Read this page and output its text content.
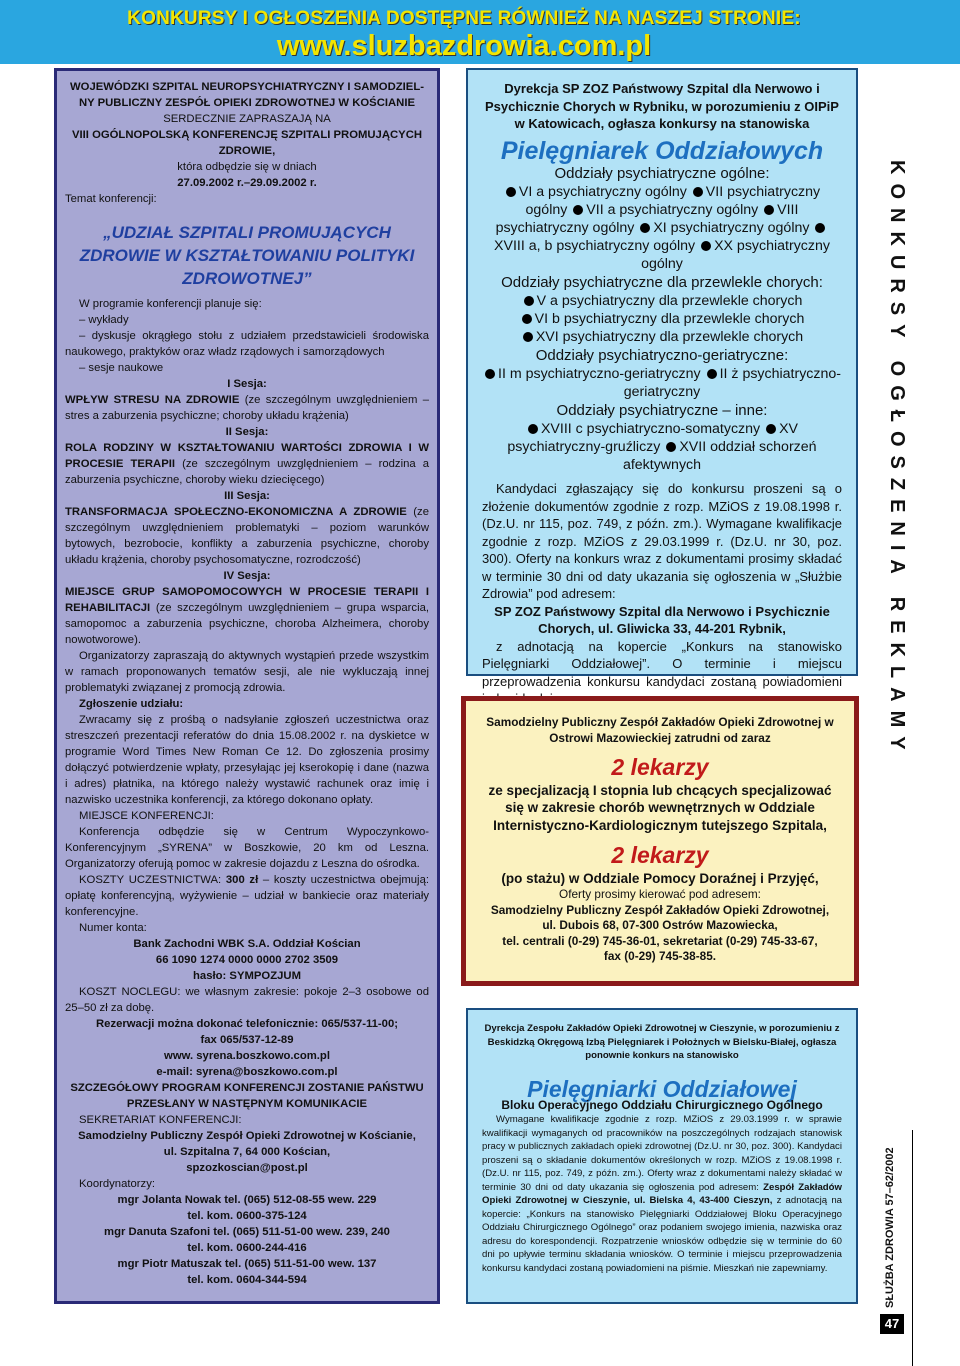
KONKURSY I OGŁOSZENIA DOSTĘPNE RÓWNIEŻ NA NASZEJ STRONIE:
www.sluzbazdrowia.com.pl
KONKURSY OGŁOSZENIA REKLAMY
SŁUŻBA ZDROWIA 57–62/2002
47

WOJEWÓDZKI SZPITAL NEUROPSYCHIATRYCZNY I SAMODZIEL-NY PUBLICZNY ZESPÓŁ OPIEKI ZDROWOTNEJ W KOŚCIANIE

SERDECZNIE ZAPRASZAJĄ NA

VIII OGÓLNOPOLSKĄ KONFERENCJĘ SZPITALI PROMUJĄCYCH ZDROWIE,

która odbędzie się w dniach

27.09.2002 r.–29.09.2002 r.

Temat konferencji:

„UDZIAŁ SZPITALI PROMUJĄCYCH ZDROWIE W KSZTAŁTOWANIU POLITYKI ZDROWOTNEJ”

W programie konferencji planuje się:

– wykłady

– dyskusje okrągłego stołu z udziałem przedstawicieli środowiska naukowego, praktyków oraz władz rządowych i samorządowych

– sesje naukowe

I Sesja:

WPŁYW STRESU NA ZDROWIE (ze szczególnym uwzględnieniem – stres a zaburzenia psychiczne; choroby układu krążenia)

II Sesja:

ROLA RODZINY W KSZTAŁTOWANIU WARTOŚCI ZDROWIA I W PROCESIE TERAPII (ze szczególnym uwzględnieniem – rodzina a zaburzenia psychiczne, choroby wieku dziecięcego)

III Sesja:

TRANSFORMACJA SPOŁECZNO-EKONOMICZNA A ZDROWIE (ze szczególnym uwzględnieniem problematyki – poziom warunków bytowych, bezrobocie, konflikty a zaburzenia psychiczne, choroby układu krążenia, choroby psychosomatyczne, rozrodczość)

IV Sesja:

MIEJSCE GRUP SAMOPOMOCOWYCH W PROCESIE TERAPII I REHABILITACJI (ze szczególnym uwzględnieniem – grupa wsparcia, samopomoc a zaburzenia psychiczne, choroba Alzheimera, choroby nowotworowe).

Organizatorzy zapraszają do aktywnych wystąpień przede wszystkim w ramach proponowanych tematów sesji, ale nie wykluczają innej problematyki związanej z promocją zdrowia.

Zgłoszenie udziału:

Zwracamy się z prośbą o nadsyłanie zgłoszeń uczestnictwa oraz streszczeń prezentacji referatów do dnia 15.08.2002 r. na dyskietce w programie Word Times New Roman Ce 12. Do zgłoszenia prosimy dołączyć potwierdzenie wpłaty, przesyłając jej kserokopię i dane (nazwa i adres) płatnika, na którego należy wystawić rachunek oraz imię i nazwisko uczestnika konferencji, za którego dokonano opłaty.

MIEJSCE KONFERENCJI:

Konferencja odbędzie się w Centrum Wypoczynkowo-Konferencyjnym „SYRENA” w Boszkowie, 20 km od Leszna. Organizatorzy oferują pomoc w zakresie dojazdu z Leszna do ośrodka.

KOSZTY UCZESTNICTWA: 300 zł – koszty uczestnictwa obejmują: opłatę konferencyjną, wyżywienie – udział w bankiecie oraz materiały konferencyjne.

Numer konta:

Bank Zachodni WBK S.A. Oddział Kościan

66 1090 1274 0000 0000 2702 3509

hasło: SYMPOZJUM

KOSZT NOCLEGU: we własnym zakresie: pokoje 2–3 osobowe od 25–50 zł za dobę.

Rezerwacji można dokonać telefonicznie: 065/537-11-00;

fax 065/537-12-89

www. syrena.boszkowo.com.pl

e-mail: syrena@boszkowo.com.pl

SZCZEGÓŁOWY PROGRAM KONFERENCJI ZOSTANIE PAŃSTWU PRZESŁANY W NASTĘPNYM KOMUNIKACIE

SEKRETARIAT KONFERENCJI:

Samodzielny Publiczny Zespół Opieki Zdrowotnej w Kościanie,

ul. Szpitalna 7, 64 000 Kościan,

spzozkoscian@post.pl

Koordynatorzy:

mgr Jolanta Nowak tel. (065) 512-08-55 wew. 229

tel. kom. 0600-375-124

mgr Danuta Szafoni tel. (065) 511-51-00 wew. 239, 240

tel. kom. 0600-244-416

mgr Piotr Matuszak tel. (065) 511-51-00 wew. 137

tel. kom. 0604-344-594

Dyrekcja SP ZOZ Państwowy Szpital dla Nerwowo i Psychicznie Chorych w Rybniku, w porozumieniu z OIPiP w Katowicach, ogłasza konkursy na stanowiska
Pielęgniarek Oddziałowych
Oddziały psychiatryczne ogólne:
VI a psychiatryczny ogólny VII psychiatryczny ogólny VII a psychiatryczny ogólny VIII psychiatryczny ogólny XI psychiatryczny ogólny XVIII a, b psychiatryczny ogólny XX psychiatryczny ogólny
Oddziały psychiatryczne dla przewlekle chorych:
V a psychiatryczny dla przewlekle chorych
VI b psychiatryczny dla przewlekle chorych
XVI psychiatryczny dla przewlekle chorych
Oddziały psychiatryczno-geriatryczne:
II m psychiatryczno-geriatryczny II ż psychiatryczno-geriatryczny
Oddziały psychiatryczne – inne:
XVIII c psychiatryczno-somatyczny XV psychiatryczny-gruźliczy XVII oddział schorzeń afektywnych
Kandydaci zgłaszający się do konkursu proszeni są o złożenie dokumentów zgodnie z rozp. MZiOS z 19.08.1998 r. (Dz.U. nr 115, poz. 749, z późn. zm.). Wymagane kwalifikacje zgodnie z rozp. MZiOS z 29.03.1999 r. (Dz.U. nr 30, poz. 300). Oferty na konkurs wraz z dokumentami prosimy składać w terminie 30 dni od daty ukazania się ogłoszenia w „Służbie Zdrowia” pod adresem:
SP ZOZ Państwowy Szpital dla Nerwowo i Psychicznie Chorych, ul. Gliwicka 33, 44-201 Rybnik,
z adnotacją na kopercie „Konkurs na stanowisko Pielęgniarki Oddziałowej”. O terminie i miejscu przeprowadzenia konkursu kandydaci zostaną powiadomieni
Samodzielny Publiczny Zespół Zakładów Opieki Zdrowotnej w Ostrowi Mazowieckiej zatrudni od zaraz
2 lekarzy
ze specjalizacją I stopnia lub chcących specjalizować się w zakresie chorób wewnętrznych w Oddziale Internistyczno-Kardiologicznym tutejszego Szpitala,
2 lekarzy
(po stażu) w Oddziale Pomocy Doraźnej i Przyjęć,
Oferty prosimy kierować pod adresem:
Samodzielny Publiczny Zespół Zakładów Opieki Zdrowotnej,
ul. Dubois 68, 07-300 Ostrów Mazowiecka,
tel. centrali (0-29) 745-36-01, sekretariat (0-29) 745-33-67,
fax (0-29) 745-38-85.
Dyrekcja Zespołu Zakładów Opieki Zdrowotnej w Cieszynie, w porozumieniu z Beskidzką Okręgową Izbą Pielęgniarek i Położnych w Bielsku-Białej, ogłasza ponownie konkurs na stanowisko
Pielęgniarki Oddziałowej
Bloku Operacyjnego Oddziału Chirurgicznego Ogólnego
Wymagane kwalifikacje zgodnie z rozp. MZiOS z 29.03.1999 r. w sprawie kwalifikacji wymaganych od pracowników na poszczególnych rodzajach stanowisk pracy w publicznych zakładach opieki zdrowotnej (Dz.U. nr 30, poz. 300). Kandydaci proszeni są o składanie dokumentów określonych w rozp. MZiOS z 19.08.1998 r. (Dz.U. nr 115, poz. 749, z późn. zm.). Oferty wraz z dokumentami należy składać w terminie 30 dni od daty ukazania się ogłoszenia pod adresem: Zespół Zakładów Opieki Zdrowotnej w Cieszynie, ul. Bielska 4, 43-400 Cieszyn, z adnotacją na kopercie: „Konkurs na stanowisko Pielęgniarki Oddziałowej Bloku Operacyjnego Oddziału Chirurgicznego Ogólnego” oraz podaniem swojego imienia, nazwiska oraz adresu do korespondencji. Rozpatrzenie wniosków odbędzie się w terminie do 60 dni po upływie terminu składania wniosków. O terminie i miejscu przeprowadzenia konkursu kandydaci zostaną powiadomieni na piśmie. Mieszkań nie zapewniamy.
